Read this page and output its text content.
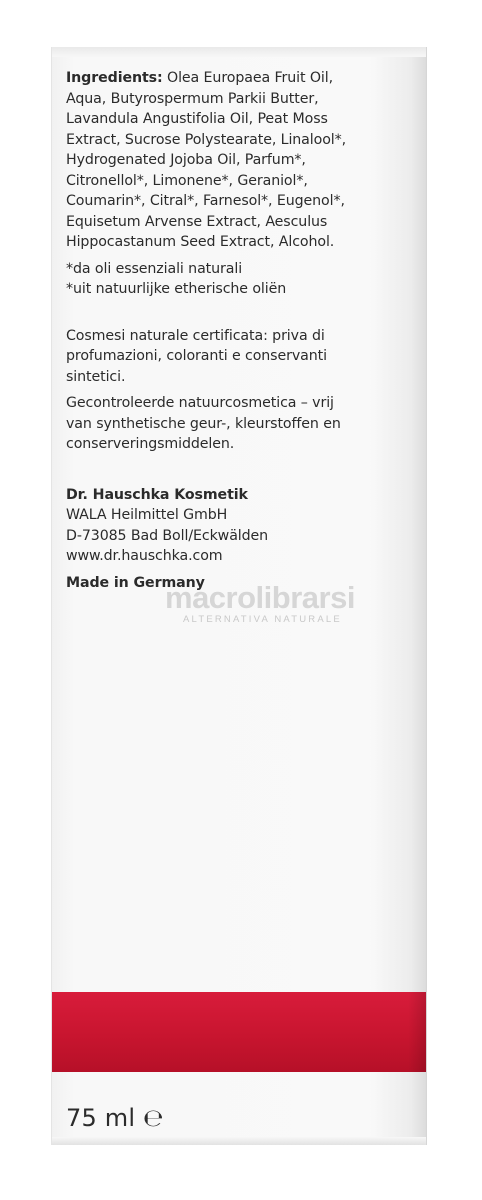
Ingredients: Olea Europaea Fruit Oil,
Aqua, Butyrospermum Parkii Butter,
Lavandula Angustifolia Oil, Peat Moss
Extract, Sucrose Polystearate, Linalool*,
Hydrogenated Jojoba Oil, Parfum*,
Citronellol*, Limonene*, Geraniol*,
Coumarin*, Citral*, Farnesol*, Eugenol*,
Equisetum Arvense Extract, Aesculus
Hippocastanum Seed Extract, Alcohol.

*da oli essenziali naturali
*uit natuurlijke etherische oliën

Cosmesi naturale certificata: priva di
profumazioni, coloranti e conservanti
sintetici.

Gecontroleerde natuurcosmetica – vrij
van synthetische geur-, kleurstoffen en
conserveringsmiddelen.

Dr. Hauschka Kosmetik
WALA Heilmittel GmbH
D-73085 Bad Boll/Eckwälden
www.dr.hauschka.com

Made in Germany

macrolibrarsi
ALTERNATIVA NATURALE
75 ml ℮
